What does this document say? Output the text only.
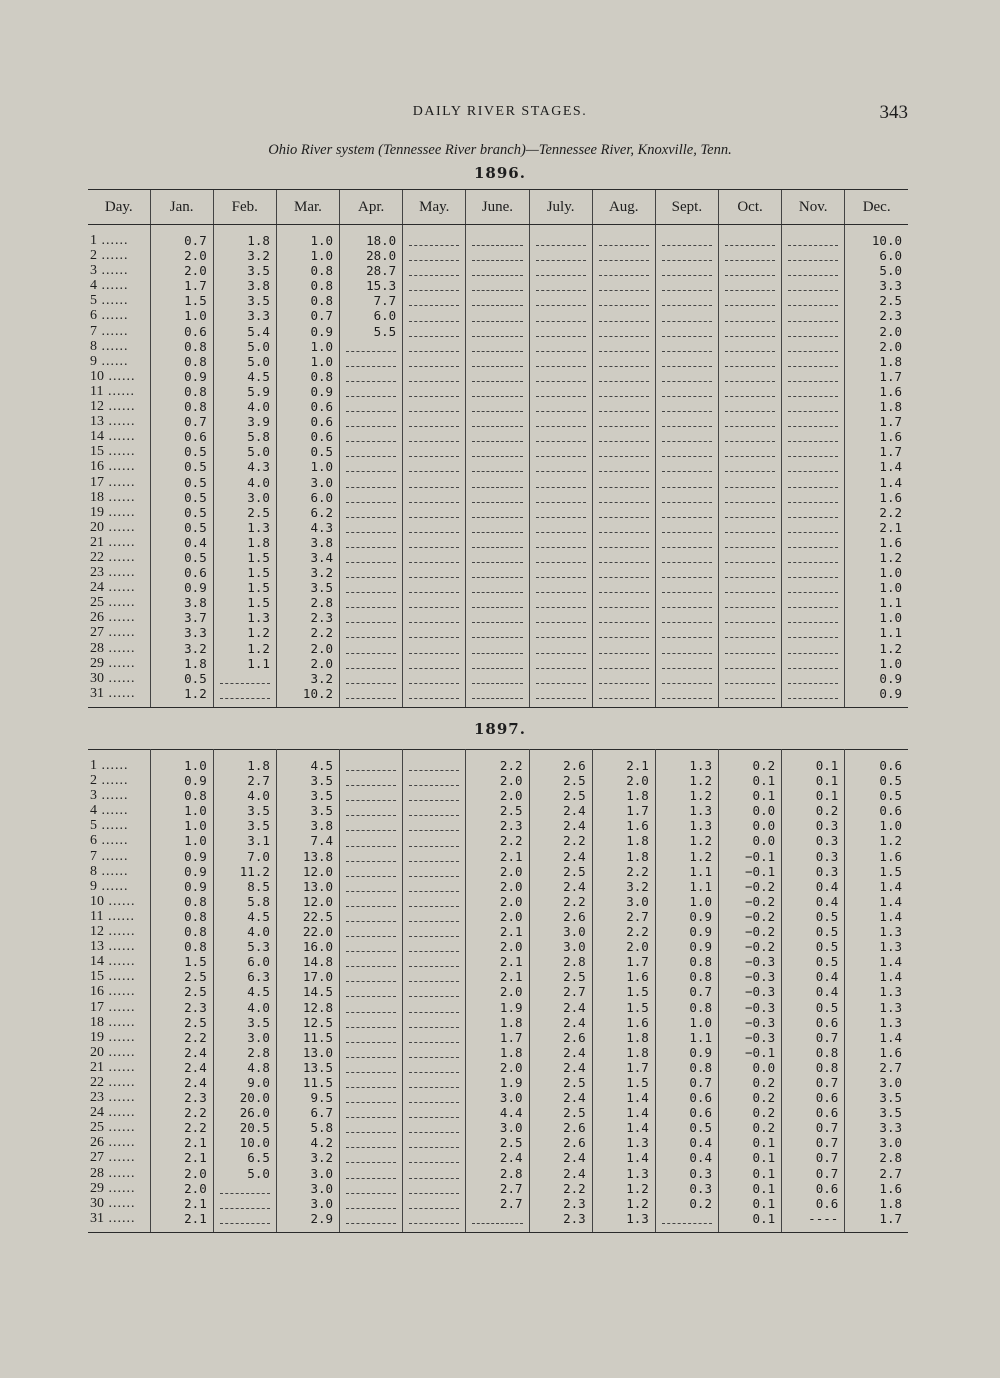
DAILY RIVER STAGES.	343
Ohio River system (Tennessee River branch)—Tennessee River, Knoxville, Tenn.
1896.
Day.	Jan.	Feb.	Mar.	Apr.	May.	June.	July.	Aug.	Sept.	Oct.	Nov.	Dec.
1 ......	0.7	1.8	1.0	18.0								10.0
2 ......	2.0	3.2	1.0	28.0								6.0
3 ......	2.0	3.5	0.8	28.7								5.0
4 ......	1.7	3.8	0.8	15.3								3.3
5 ......	1.5	3.5	0.8	7.7								2.5
6 ......	1.0	3.3	0.7	6.0								2.3
7 ......	0.6	5.4	0.9	5.5								2.0
8 ......	0.8	5.0	1.0									2.0
9 ......	0.8	5.0	1.0									1.8
10 ......	0.9	4.5	0.8									1.7
11 ......	0.8	5.9	0.9									1.6
12 ......	0.8	4.0	0.6									1.8
13 ......	0.7	3.9	0.6									1.7
14 ......	0.6	5.8	0.6									1.6
15 ......	0.5	5.0	0.5									1.7
16 ......	0.5	4.3	1.0									1.4
17 ......	0.5	4.0	3.0									1.4
18 ......	0.5	3.0	6.0									1.6
19 ......	0.5	2.5	6.2									2.2
20 ......	0.5	1.3	4.3									2.1
21 ......	0.4	1.8	3.8									1.6
22 ......	0.5	1.5	3.4									1.2
23 ......	0.6	1.5	3.2									1.0
24 ......	0.9	1.5	3.5									1.0
25 ......	3.8	1.5	2.8									1.1
26 ......	3.7	1.3	2.3									1.0
27 ......	3.3	1.2	2.2									1.1
28 ......	3.2	1.2	2.0									1.2
29 ......	1.8	1.1	2.0									1.0
30 ......	0.5		3.2									0.9
31 ......	1.2		10.2									0.9
1897.
1 ......	1.0	1.8	4.5			2.2	2.6	2.1	1.3	0.2	0.1	0.6
2 ......	0.9	2.7	3.5			2.0	2.5	2.0	1.2	0.1	0.1	0.5
3 ......	0.8	4.0	3.5			2.0	2.5	1.8	1.2	0.1	0.1	0.5
4 ......	1.0	3.5	3.5			2.5	2.4	1.7	1.3	0.0	0.2	0.6
5 ......	1.0	3.5	3.8			2.3	2.4	1.6	1.3	0.0	0.3	1.0
6 ......	1.0	3.1	7.4			2.2	2.2	1.8	1.2	0.0	0.3	1.2
7 ......	0.9	7.0	13.8			2.1	2.4	1.8	1.2	−0.1	0.3	1.6
8 ......	0.9	11.2	12.0			2.0	2.5	2.2	1.1	−0.1	0.3	1.5
9 ......	0.9	8.5	13.0			2.0	2.4	3.2	1.1	−0.2	0.4	1.4
10 ......	0.8	5.8	12.0			2.0	2.2	3.0	1.0	−0.2	0.4	1.4
11 ......	0.8	4.5	22.5			2.0	2.6	2.7	0.9	−0.2	0.5	1.4
12 ......	0.8	4.0	22.0			2.1	3.0	2.2	0.9	−0.2	0.5	1.3
13 ......	0.8	5.3	16.0			2.0	3.0	2.0	0.9	−0.2	0.5	1.3
14 ......	1.5	6.0	14.8			2.1	2.8	1.7	0.8	−0.3	0.5	1.4
15 ......	2.5	6.3	17.0			2.1	2.5	1.6	0.8	−0.3	0.4	1.4
16 ......	2.5	4.5	14.5			2.0	2.7	1.5	0.7	−0.3	0.4	1.3
17 ......	2.3	4.0	12.8			1.9	2.4	1.5	0.8	−0.3	0.5	1.3
18 ......	2.5	3.5	12.5			1.8	2.4	1.6	1.0	−0.3	0.6	1.3
19 ......	2.2	3.0	11.5			1.7	2.6	1.8	1.1	−0.3	0.7	1.4
20 ......	2.4	2.8	13.0			1.8	2.4	1.8	0.9	−0.1	0.8	1.6
21 ......	2.4	4.8	13.5			2.0	2.4	1.7	0.8	0.0	0.8	2.7
22 ......	2.4	9.0	11.5			1.9	2.5	1.5	0.7	0.2	0.7	3.0
23 ......	2.3	20.0	9.5			3.0	2.4	1.4	0.6	0.2	0.6	3.5
24 ......	2.2	26.0	6.7			4.4	2.5	1.4	0.6	0.2	0.6	3.5
25 ......	2.2	20.5	5.8			3.0	2.6	1.4	0.5	0.2	0.7	3.3
26 ......	2.1	10.0	4.2			2.5	2.6	1.3	0.4	0.1	0.7	3.0
27 ......	2.1	6.5	3.2			2.4	2.4	1.4	0.4	0.1	0.7	2.8
28 ......	2.0	5.0	3.0			2.8	2.4	1.3	0.3	0.1	0.7	2.7
29 ......	2.0		3.0			2.7	2.2	1.2	0.3	0.1	0.6	1.6
30 ......	2.1		3.0			2.7	2.3	1.2	0.2	0.1	0.6	1.8
31 ......	2.1		2.9				2.3	1.3		0.1	----	1.7
